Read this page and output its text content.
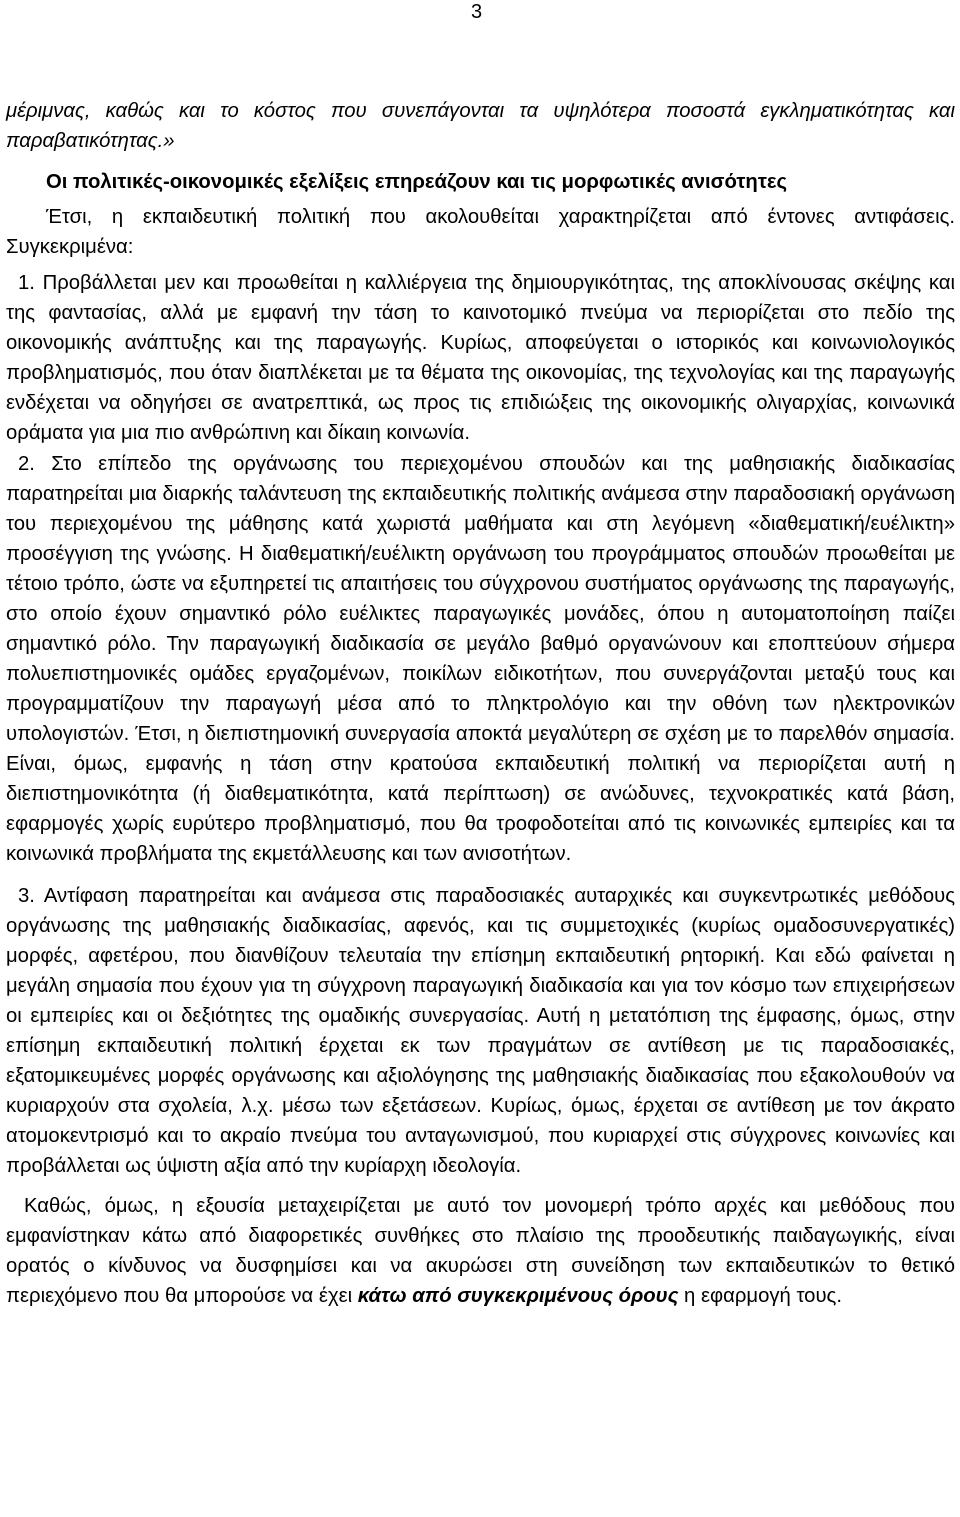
3

μέριμνας, καθώς και το κόστος που συνεπάγονται τα υψηλότερα ποσοστά εγκληματικότητας και παραβατικότητας.»

Οι πολιτικές-οικονομικές εξελίξεις επηρεάζουν και τις μορφωτικές ανισότητες

Έτσι, η εκπαιδευτική πολιτική που ακολουθείται χαρακτηρίζεται από έντονες αντιφάσεις. Συγκεκριμένα:

1. Προβάλλεται μεν και προωθείται η καλλιέργεια της δημιουργικότητας, της αποκλίνουσας σκέψης και της φαντασίας, αλλά με εμφανή την τάση το καινοτομικό πνεύμα να περιορίζεται στο πεδίο της οικονομικής ανάπτυξης και της παραγωγής. Κυρίως, αποφεύγεται ο ιστορικός και κοινωνιολογικός προβληματισμός, που όταν διαπλέκεται με τα θέματα της οικονομίας, της τεχνολογίας και της παραγωγής ενδέχεται να οδηγήσει σε ανατρεπτικά, ως προς τις επιδιώξεις της οικονομικής ολιγαρχίας, κοινωνικά οράματα για μια πιο ανθρώπινη και δίκαιη κοινωνία.

2. Στο επίπεδο της οργάνωσης του περιεχομένου σπουδών και της μαθησιακής διαδικασίας παρατηρείται μια διαρκής ταλάντευση της εκπαιδευτικής πολιτικής ανάμεσα στην παραδοσιακή οργάνωση του περιεχομένου της μάθησης κατά χωριστά μαθήματα και στη λεγόμενη «διαθεματική/ευέλικτη» προσέγγιση της γνώσης. Η διαθεματική/ευέλικτη οργάνωση του προγράμματος σπουδών προωθείται με τέτοιο τρόπο, ώστε να εξυπηρετεί τις απαιτήσεις του σύγχρονου συστήματος οργάνωσης της παραγωγής, στο οποίο έχουν σημαντικό ρόλο ευέλικτες παραγωγικές μονάδες, όπου η αυτοματοποίηση παίζει σημαντικό ρόλο. Την παραγωγική διαδικασία σε μεγάλο βαθμό οργανώνουν και εποπτεύουν σήμερα πολυεπιστημονικές ομάδες εργαζομένων, ποικίλων ειδικοτήτων, που συνεργάζονται μεταξύ τους και προγραμματίζουν την παραγωγή μέσα από το πληκτρολόγιο και την οθόνη των ηλεκτρονικών υπολογιστών. Έτσι, η διεπιστημονική συνεργασία αποκτά μεγαλύτερη σε σχέση με το παρελθόν σημασία. Είναι, όμως, εμφανής η τάση στην κρατούσα εκπαιδευτική πολιτική να περιορίζεται αυτή η διεπιστημονικότητα (ή διαθεματικότητα, κατά περίπτωση) σε ανώδυνες, τεχνοκρατικές κατά βάση, εφαρμογές χωρίς ευρύτερο προβληματισμό, που θα τροφοδοτείται από τις κοινωνικές εμπειρίες και τα κοινωνικά προβλήματα της εκμετάλλευσης και των ανισοτήτων.

3. Αντίφαση παρατηρείται και ανάμεσα στις παραδοσιακές αυταρχικές και συγκεντρωτικές μεθόδους οργάνωσης της μαθησιακής διαδικασίας, αφενός, και τις συμμετοχικές (κυρίως ομαδοσυνεργατικές) μορφές, αφετέρου, που διανθίζουν τελευταία την επίσημη εκπαιδευτική ρητορική. Και εδώ φαίνεται η μεγάλη σημασία που έχουν για τη σύγχρονη παραγωγική διαδικασία και για τον κόσμο των επιχειρήσεων οι εμπειρίες και οι δεξιότητες της ομαδικής συνεργασίας. Αυτή η μετατόπιση της έμφασης, όμως, στην επίσημη εκπαιδευτική πολιτική έρχεται εκ των πραγμάτων σε αντίθεση με τις παραδοσιακές, εξατομικευμένες μορφές οργάνωσης και αξιολόγησης της μαθησιακής διαδικασίας που εξακολουθούν να κυριαρχούν στα σχολεία, λ.χ. μέσω των εξετάσεων. Κυρίως, όμως, έρχεται σε αντίθεση με τον άκρατο ατομοκεντρισμό και το ακραίο πνεύμα του ανταγωνισμού, που κυριαρχεί στις σύγχρονες κοινωνίες και προβάλλεται ως ύψιστη αξία από την κυρίαρχη ιδεολογία.

Καθώς, όμως, η εξουσία μεταχειρίζεται με αυτό τον μονομερή τρόπο αρχές και μεθόδους που εμφανίστηκαν κάτω από διαφορετικές συνθήκες στο πλαίσιο της προοδευτικής παιδαγωγικής, είναι ορατός ο κίνδυνος να δυσφημίσει και να ακυρώσει στη συνείδηση των εκπαιδευτικών το θετικό περιεχόμενο που θα μπορούσε να έχει κάτω από συγκεκριμένους όρους η εφαρμογή τους.
